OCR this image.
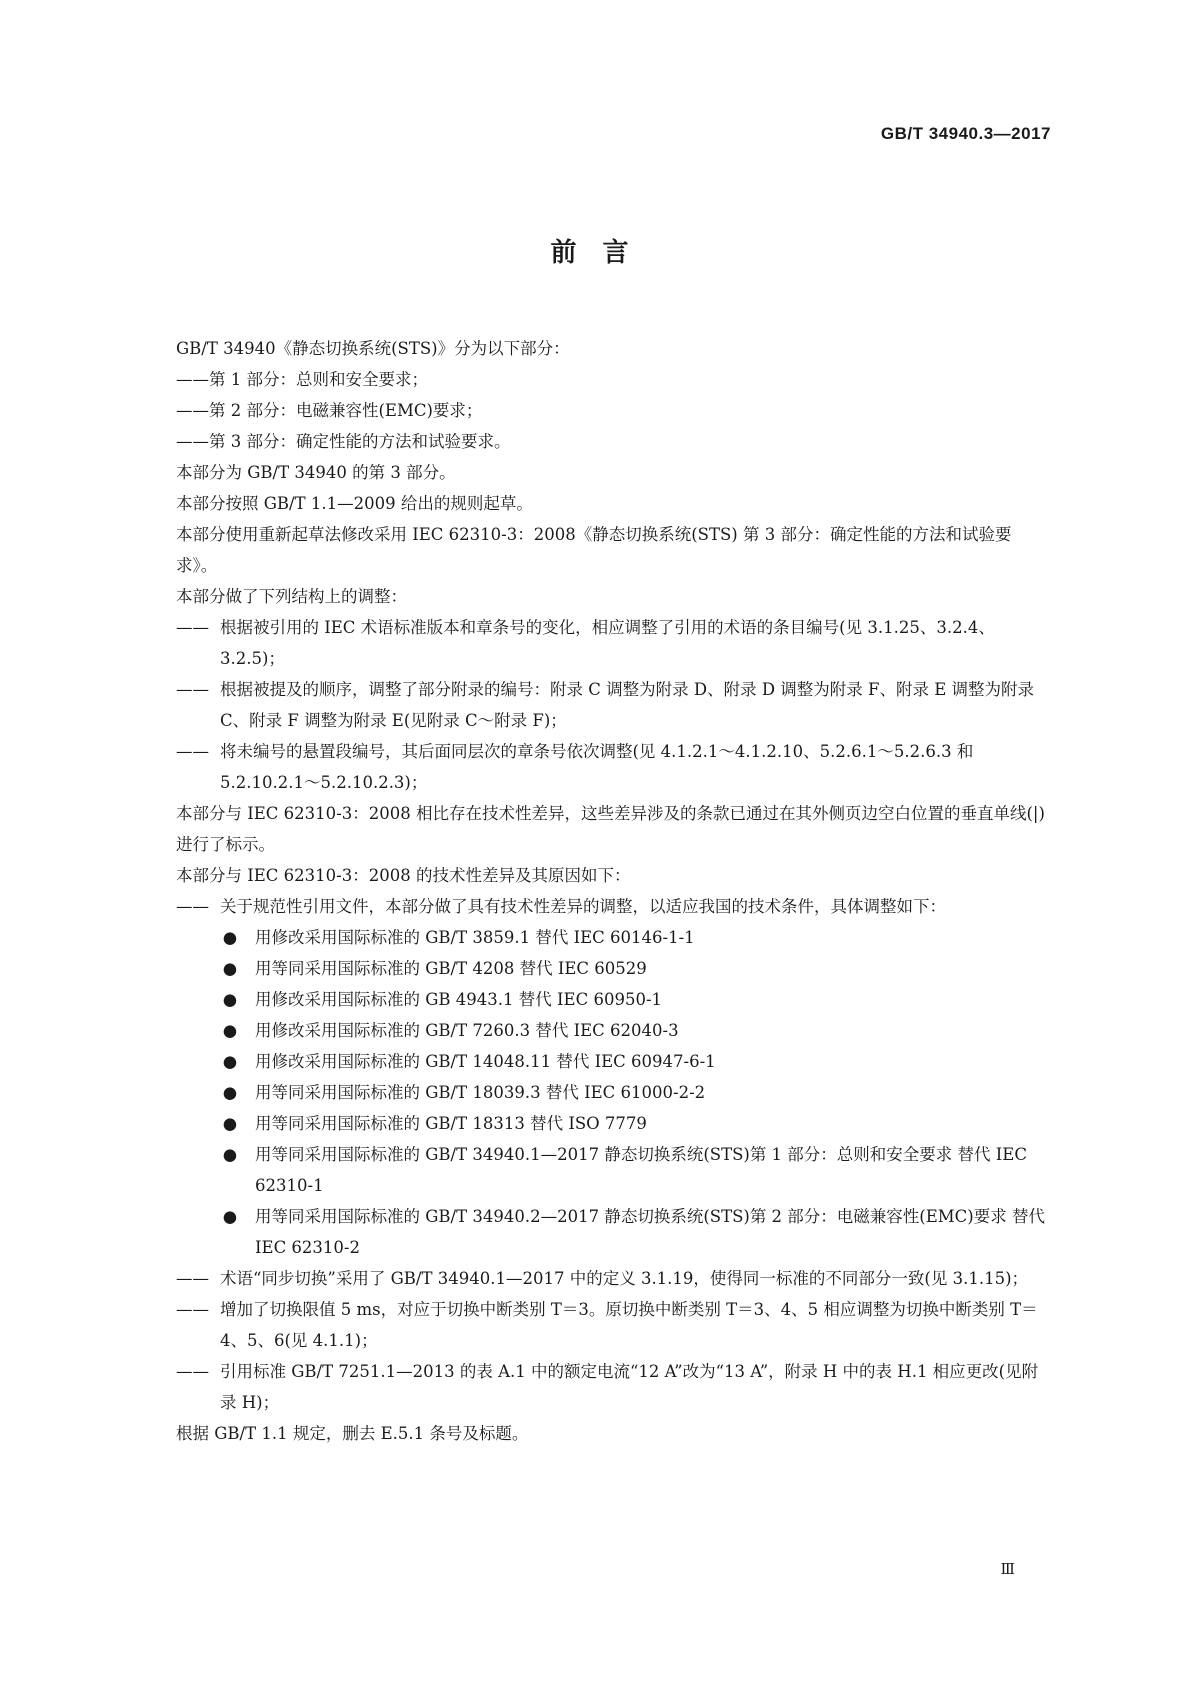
GB/T 34940.3—2017
前言

GB/T 34940《静态切换系统(STS)》分为以下部分：

——第 1 部分：总则和安全要求；

——第 2 部分：电磁兼容性(EMC)要求；

——第 3 部分：确定性能的方法和试验要求。

本部分为 GB/T 34940 的第 3 部分。

本部分按照 GB/T 1.1—2009 给出的规则起草。

本部分使用重新起草法修改采用 IEC 62310-3：2008《静态切换系统(STS) 第 3 部分：确定性能的方法和试验要求》。

本部分做了下列结构上的调整：

—— 根据被引用的 IEC 术语标准版本和章条号的变化，相应调整了引用的术语的条目编号(见 3.1.25、3.2.4、3.2.5)；
—— 根据被提及的顺序，调整了部分附录的编号：附录 C 调整为附录 D、附录 D 调整为附录 F、附录 E 调整为附录 C、附录 F 调整为附录 E(见附录 C～附录 F)；
—— 将未编号的悬置段编号，其后面同层次的章条号依次调整(见 4.1.2.1～4.1.2.10、5.2.6.1～5.2.6.3 和 5.2.10.2.1～5.2.10.2.3)；

本部分与 IEC 62310-3：2008 相比存在技术性差异，这些差异涉及的条款已通过在其外侧页边空白位置的垂直单线(|)进行了标示。

本部分与 IEC 62310-3：2008 的技术性差异及其原因如下：

—— 关于规范性引用文件，本部分做了具有技术性差异的调整，以适应我国的技术条件，具体调整如下：
● 用修改采用国际标准的 GB/T 3859.1 替代 IEC 60146-1-1
● 用等同采用国际标准的 GB/T 4208 替代 IEC 60529
● 用修改采用国际标准的 GB 4943.1 替代 IEC 60950-1
● 用修改采用国际标准的 GB/T 7260.3 替代 IEC 62040-3
● 用修改采用国际标准的 GB/T 14048.11 替代 IEC 60947-6-1
● 用等同采用国际标准的 GB/T 18039.3 替代 IEC 61000-2-2
● 用等同采用国际标准的 GB/T 18313 替代 ISO 7779
● 用等同采用国际标准的 GB/T 34940.1—2017 静态切换系统(STS)第 1 部分：总则和安全要求 替代 IEC 62310-1
● 用等同采用国际标准的 GB/T 34940.2—2017 静态切换系统(STS)第 2 部分：电磁兼容性(EMC)要求 替代 IEC 62310-2
—— 术语“同步切换”采用了 GB/T 34940.1—2017 中的定义 3.1.19，使得同一标准的不同部分一致(见 3.1.15)；
—— 增加了切换限值 5 ms，对应于切换中断类别 T＝3。原切换中断类别 T＝3、4、5 相应调整为切换中断类别 T＝4、5、6(见 4.1.1)；
—— 引用标准 GB/T 7251.1—2013 的表 A.1 中的额定电流“12 A”改为“13 A”，附录 H 中的表 H.1 相应更改(见附录 H)；

根据 GB/T 1.1 规定，删去 E.5.1 条号及标题。

Ⅲ
